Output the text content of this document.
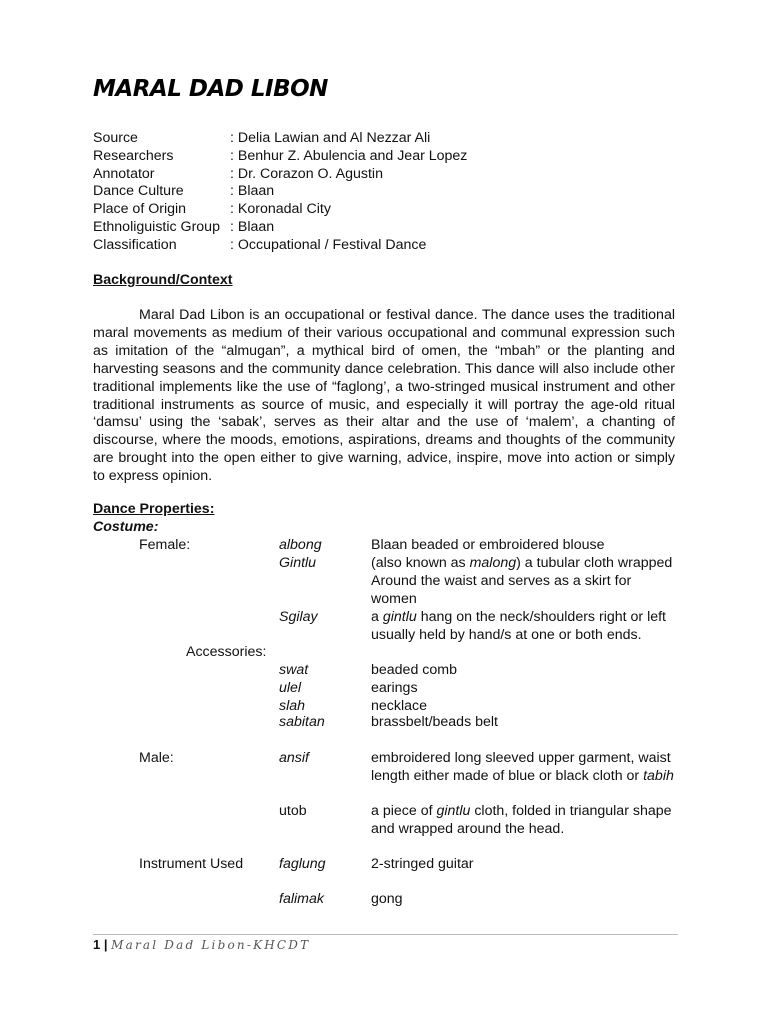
MARAL DAD LIBON
Source	: Delia Lawian and Al Nezzar Ali
Researchers	: Benhur Z. Abulencia and Jear Lopez
Annotator	: Dr. Corazon O. Agustin
Dance Culture	: Blaan
Place of Origin	: Koronadal City
Ethnoliguistic Group : Blaan
Classification	: Occupational / Festival Dance
Background/Context

Maral Dad Libon is an occupational or festival dance. The dance uses the traditional maral movements as medium of their various occupational and communal expression such as imitation of the “almugan”, a mythical bird of omen, the “mbah” or the planting and harvesting seasons and the community dance celebration. This dance will also include other traditional implements like the use of “faglong’, a two-stringed musical instrument and other traditional instruments as source of music, and especially it will portray the age-old ritual ‘damsu’ using the ‘sabak’, serves as their altar and the use of ‘malem’, a chanting of discourse, where the moods, emotions, aspirations, dreams and thoughts of the community are brought into the open either to give warning, advice, inspire, move into action or simply to express opinion.

Dance Properties:
Costume:
Female:	albong	Blaan beaded or embroidered blouse
Gintlu	(also known as malong) a tubular cloth wrapped Around the waist and serves as a skirt for women
Sgilay	a gintlu hang on the neck/shoulders right or left usually held by hand/s at one or both ends.
Accessories:
swat	beaded comb
ulel	earings
slah	necklace
sabitan	brassbelt/beads belt
Male:	ansif	embroidered long sleeved upper garment, waist length either made of blue or black cloth or tabih
utob	a piece of gintlu cloth, folded in triangular shape and wrapped around the head.
Instrument Used	faglung	2-stringed guitar
falimak	gong
1 | Maral Dad Libon-KHCDT
